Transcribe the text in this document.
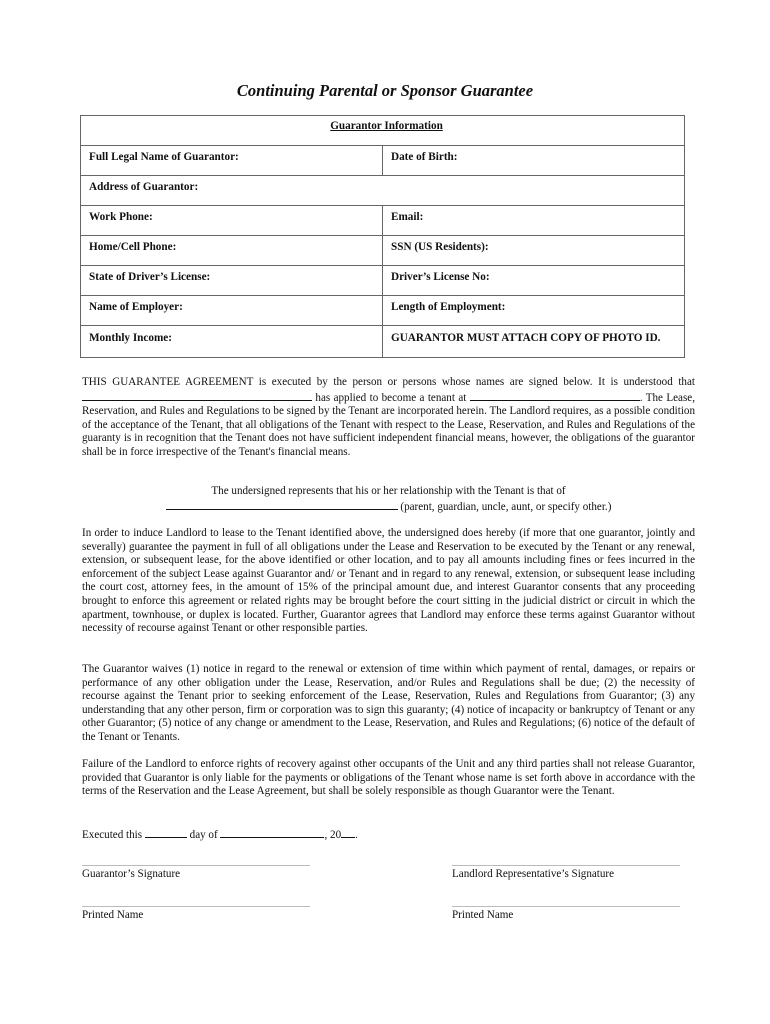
Continuing Parental or Sponsor Guarantee
Guarantor Information	
Full Legal Name of Guarantor:	Date of Birth:
Address of Guarantor:	
Work Phone:	Email:
Home/Cell Phone:	SSN (US Residents):
State of Driver’s License:	Driver’s License No:
Name of Employer:	Length of Employment:
Monthly Income:	GUARANTOR MUST ATTACH COPY OF PHOTO ID.
THIS GUARANTEE AGREEMENT is executed by the person or persons whose names are signed below. It is understood that  has applied to become a tenant at	. The Lease, Reservation, and Rules and Regulations to be signed by the Tenant are incorporated herein. The Landlord requires, as a possible condition of the acceptance of the Tenant, that all obligations of the Tenant with respect to the Lease, Reservation, and Rules and Regulations of the guaranty is in recognition that the Tenant does not have sufficient independent financial means, however, the obligations of the guarantor shall be in force irrespective of the Tenant's financial means.
The undersigned represents that his or her relationship with the Tenant is that of
(parent, guardian, uncle, aunt, or specify other.)
In order to induce Landlord to lease to the Tenant identified above, the undersigned does hereby (if more that one guarantor, jointly and severally) guarantee the payment in full of all obligations under the Lease and Reservation to be executed by the Tenant or any renewal, extension, or subsequent lease, for the above identified or other location, and to pay all amounts including fines or fees incurred in the enforcement of the subject Lease against Guarantor and/ or Tenant and in regard to any renewal, extension, or subsequent lease including the court cost, attorney fees, in the amount of 15% of the principal amount due, and interest Guarantor consents that any proceeding brought to enforce this agreement or related rights may be brought before the court sitting in the judicial district or circuit in which the apartment, townhouse, or duplex is located. Further, Guarantor agrees that Landlord may enforce these terms against Guarantor without necessity of recourse against Tenant or other responsible parties.
The Guarantor waives (1) notice in regard to the renewal or extension of time within which payment of rental, damages, or repairs or performance of any other obligation under the Lease, Reservation, and/or Rules and Regulations shall be due; (2) the necessity of recourse against the Tenant prior to seeking enforcement of the Lease, Reservation, Rules and Regulations from Guarantor; (3) any understanding that any other person, firm or corporation was to sign this guaranty; (4) notice of incapacity or bankruptcy of Tenant or any other Guarantor; (5) notice of any change or amendment to the Lease, Reservation, and Rules and Regulations; (6) notice of the default of the Tenant or Tenants.
Failure of the Landlord to enforce rights of recovery against other occupants of the Unit and any third parties shall not release Guarantor, provided that Guarantor is only liable for the payments or obligations of the Tenant whose name is set forth above in accordance with the terms of the Reservation and the Lease Agreement, but shall be solely responsible as though Guarantor were the Tenant.
Executed this	day of	, 20 .
Guarantor’s Signature	Landlord Representative’s Signature
Printed Name	Printed Name
